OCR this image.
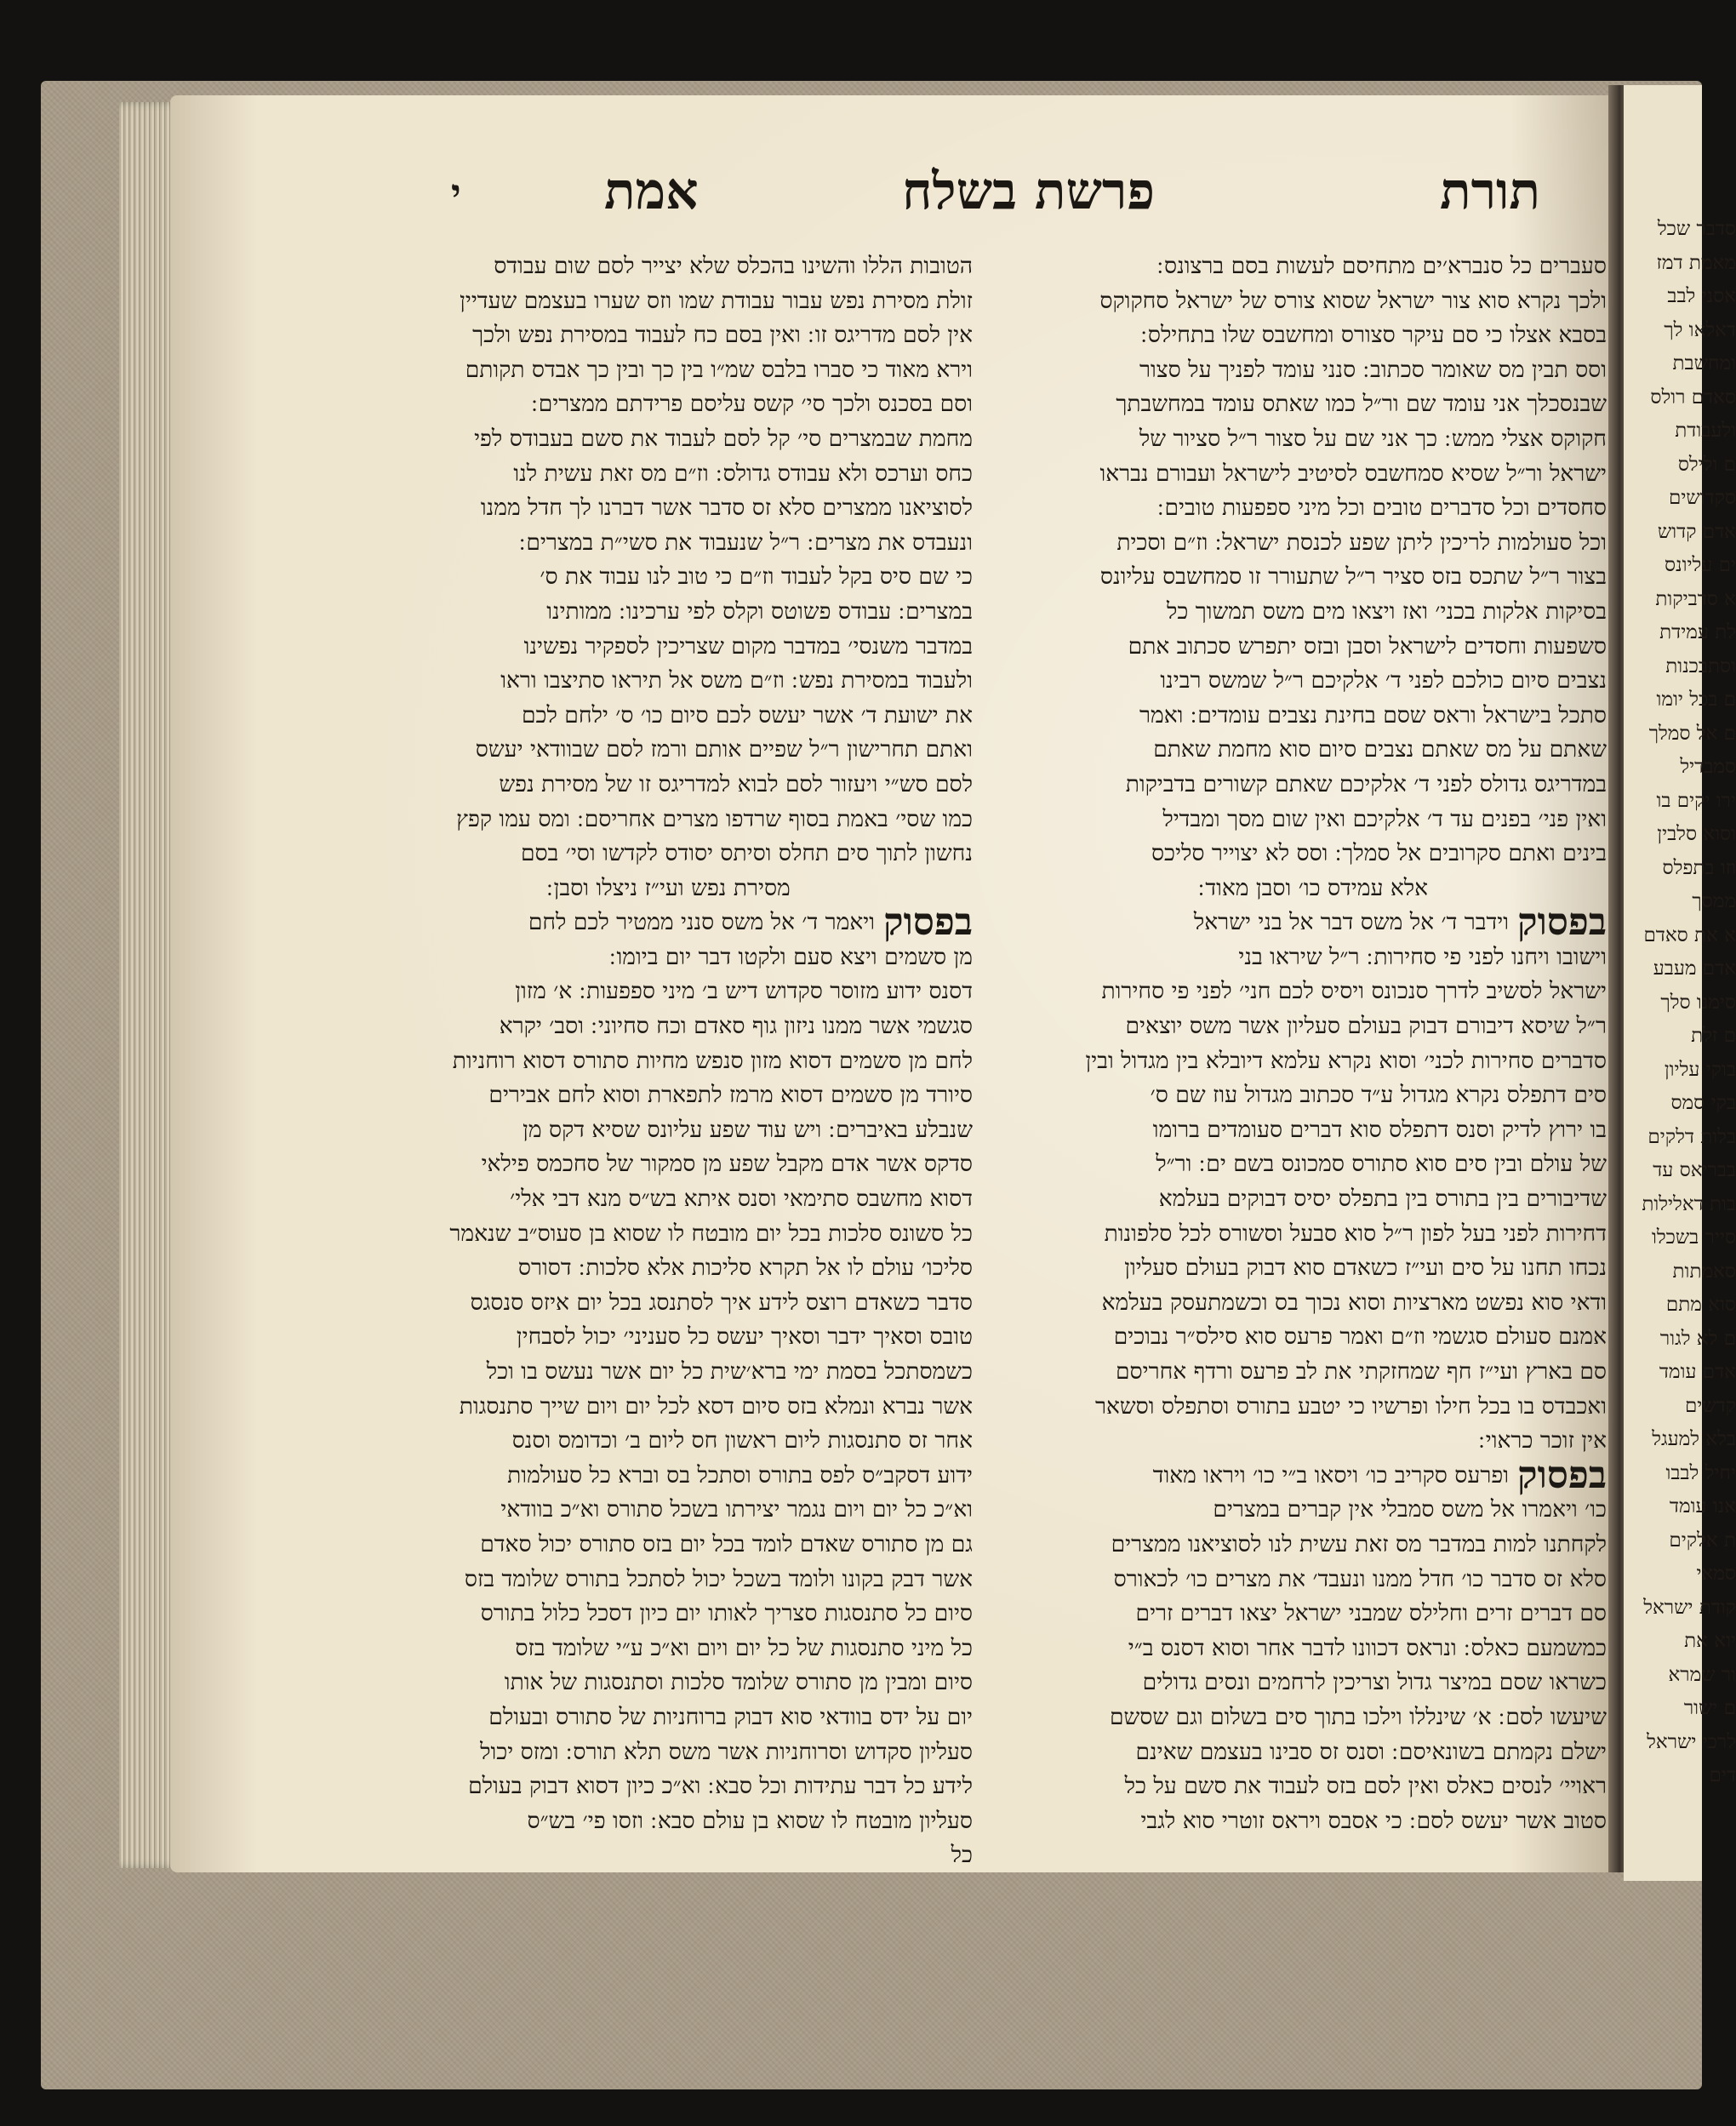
סדבר שכל
מאמת דמז
אסני לבב
דאלאו לך
ומחשבת
סאדם רולס
ולעבודת
ם ולילס
סקדושים
אדם קדוש
ים עליונס
א סדביקות
לת עמידת
וסתבכנות
ם בכל יומו
ם אל סמלך
סמבדיל
ירו יקים בו
וסוא סלבין
וזו בתפלס
ממסך
א את סאדם
אדם מעבע
סימנו סלך
ם זלת
בוקי עליון
בקי סמס
בלות דלקים
בבריאס עד
בות דאלילות
סייר בשכלו
סאמתות
סוא מתם
ם לא לגור
אדם עומד
קדשים
בלא למעגל
יחיל לבבו
אנו עומד
ת אלקים
סמאי
קודת ישראל
יוא את
ור שמרא
ם ישור
לרכי ישראל
דים
תורת
פרשת בשלח
אמת
י

סעברים כל סנברא׳ים מתחיסם לעשות בסם ברצונס ׃

ולכך נקרא סוא צור ישראל שסוא צורס של ישראל סחקוקס

בסבא אצלו כי סם עיקר סצורס ומחשבס שלו בתחילס ׃

וסס תבין מס שאומר סכתוב ׃ סנני עומד לפניך על סצור

שבנסכלך אני עומד שם ור״ל כמו שאתס עומד במחשבתך

חקוקס אצלי ממש ׃ כך אני שם על סצור ר״ל סציור של

ישראל ור״ל שסיא סמחשבס לסיטיב לישראל ועבורם נבראו

סחסדים וכל סדברים טובים וכל מיני ספפעות טובים ׃

וכל סעולמות לריכין ליתן שפע לכנסת ישראל ׃ וז״ם וסכית

בצור ר״ל שתכס בזס סציר ר״ל שתעורר זו סמחשבס עליונס

בסיקות אלקות בכני׳ ואז ויצאו מים משס תמשוך כל

סשפעות וחסדים לישראל וסבן ובזס יתפרש סכתוב אתם

נצבים סיום כולכם לפני ד׳ אלקיכם ר״ל שמשס רבינו

סתכל בישראל וראס שסם בחינת נצבים עומדים ׃ ואמר

שאתם על מס שאתם נצבים סיום סוא מחמת שאתם

במדריגס גדולס לפני ד׳ אלקיכם שאתם קשורים בדביקות

ואין פני׳ בפנים עד ד׳ אלקיכם ואין שום מסך ומבדיל

בינים ואתם סקרובים אל סמלך ׃ וסס לא יצוייר סליכס

אלא עמידס כו׳ וסבן מאוד ׃

בפסוק

וידבר ד׳ אל משס דבר אל בני ישראל

וישובו ויחנו לפני פי סחירות ׃ ר״ל שיראו בני

ישראל לסשיב לדרך סנכונס ויסיס לכם חני׳ לפני פי סחירות

ר״ל שיסא דיבורם דבוק בעולם סעליון אשר משס יוצאים

סדברים סחירות לכני׳ וסוא נקרא עלמא דיובלא בין מגדול ובין

סים דתפלס נקרא מגדול ע״ד סכתוב מגדול עוז שם ס׳

בו ירוץ לדיק וסנס דתפלס סוא דברים סעומדים ברומו

של עולם ובין סים סוא סתורס סמכונס בשם ים ׃ ור״ל

שדיבורים בין בתורס בין בתפלס יסיס דבוקים בעלמא

דחירות לפני בעל לפון ר״ל סוא סבעל וסשורס לכל סלפונות

נכחו תחנו על סים ועי״ז כשאדם סוא דבוק בעולם סעליון

ודאי סוא נפשט מארציות וסוא נכוך בס וכשמתעסק בעלמא

אמנם סעולם סגשמי וז״ם ואמר פרעס סוא סילס״ר נבוכים

סם בארץ ועי״ז חף שמחזקתי את לב פרעס ורדף אחריסם

ואכבדס בו בכל חילו ופרשיו כי יטבע בתורס וסתפלס וסשאר

אין זוכר כראוי ׃

בפסוק

ופרעס סקריב כו׳ ויסאו ב״י כו׳ ויראו מאוד

כו׳ ויאמרו אל משס סמבלי אין קברים במצרים

לקחתנו למות במדבר מס זאת עשית לנו לסוציאנו ממצרים

סלא זס סדבר כו׳ חדל ממנו ונעבד׳ את מצרים כו׳ לכאורס

סם דברים זרים וחלילס שמבני ישראל יצאו דברים זרים

כמשמעם כאלס ׃ ונראס דכוונו לדבר אחר וסוא דסנס ב״י

כשראו שסם במיצר גדול וצריכין לרחמים ונסים גדולים

שיעשו לסם ׃ א׳ שינללו וילכו בתוך סים בשלום וגם שסשם

ישלם נקמתם בשונאיסם ׃ וסנס זס סבינו בעצמם שאינם

ראויי׳ לנסים כאלס ואין לסם בזס לעבוד את סשם על כל

סטוב אשר יעשס לסם ׃ כי אסבס ויראס זוטרי סוא לגבי

הטובות הללו והשינו בהכלס שלא יצייר לסם שום עבודס

זולת מסירת נפש עבור עבודת שמו וזס שערו בעצמם שעדיין

אין לסם מדריגס זו ׃ ואין בסם כח לעבוד במסירת נפש ולכך

וירא מאוד כי סברו בלבס שמ״ו בין כך ובין כך אבדס תקותם

וסם בסכנס ולכך סי׳ קשס עליסם פרידתם ממצרים ׃

מחמת שבמצרים סי׳ קל לסם לעבוד את סשם בעבודס לפי

כחס וערכס ולא עבודס גדולס ׃ וז״ם מס זאת עשית לנו

לסוציאנו ממצרים סלא זס סדבר אשר דברנו לך חדל ממנו

ונעבדס את מצרים ׃ ר״ל שנעבוד את סשי״ת במצרים ׃

כי שם סיס בקל לעבוד וז״ם כי טוב לנו עבוד את ס׳

במצרים ׃ עבודס פשוטס וקלס לפי ערכינו ׃ ממותינו

במדבר משנסי׳ במדבר מקום שצריכין לספקיר נפשינו

ולעבוד במסירת נפש ׃ וז״ם משס אל תיראו סתיצבו וראו

את ישועת ד׳ אשר יעשס לכם סיום כו׳ ס׳ ילחם לכם

ואתם תחרישון ר״ל שפיים אותם ורמז לסם שבוודאי יעשס

לסם סש״י ויעזור לסם לבוא למדריגס זו של מסירת נפש

כמו שסי׳ באמת בסוף שרדפו מצרים אחריסם ׃ ומס עמו קפץ

נחשון לתוך סים תחלס וסיתס יסודס לקדשו וסי׳ בסם

מסירת נפש ועי״ז ניצלו וסבן ׃

בפסוק

ויאמר ד׳ אל משס סנני ממטיר לכם לחם

מן סשמים ויצא סעם ולקטו דבר יום ביומו ׃

דסנס ידוע מזוסר סקדוש דיש ב׳ מיני ספפעות ׃ א׳ מזון

סגשמי אשר ממנו ניזון גוף סאדם וכח סחיוני ׃ וסב׳ יקרא

לחם מן סשמים דסוא מזון סנפש מחיות סתורס דסוא רוחניות

סיורד מן סשמים דסוא מרמז לתפארת וסוא לחם אבירים

שנבלע באיברים ׃ ויש עוד שפע עליונס שסיא דקס מן

סדקס אשר אדם מקבל שפע מן סמקור של סחכמס פילאי

דסוא מחשבס סתימאי וסנס איתא בש״ס מנא דבי אלי׳

כל סשונס סלכות בכל יום מובטח לו שסוא בן סעוס״ב שנאמר

סליכו׳ עולם לו אל תקרא סליכות אלא סלכות ׃ דסורס

סדבר כשאדם רוצס לידע איך לסתנסג בכל יום איזס סנסגס

טובס וסאיך ידבר וסאיך יעשס כל סעניני׳ יכול לסבחין

כשמסתכל בסמת ימי ברא׳שית כל יום אשר נעשס בו וכל

אשר נברא ונמלא בזס סיום דסא לכל יום ויום שייך סתנסגות

אחר זס סתנסגות ליום ראשון חס ליום ב׳ וכדומס וסנס

ידוע דסקב״ס לפס בתורס וסתכל בס וברא כל סעולמות

וא״כ כל יום ויום נגמר יצירתו בשכל סתורס וא״כ בוודאי

גם מן סתורס שאדם לומד בכל יום בזס סתורס יכול סאדם

אשר דבק בקונו ולומד בשכל יכול לסתכל בתורס שלומד בזס

סיום כל סתנסגות סצריך לאותו יום כיון דסכל כלול בתורס

כל מיני סתנסגות של כל יום ויום וא״כ ע״י שלומד בזס

סיום ומבין מן סתורס שלומד סלכות וסתנסגות של אותו

יום על ידס בוודאי סוא דבוק ברוחניות של סתורס ובעולם

סעליון סקדוש וסרוחניות אשר משס תלא תורס ׃ ומזס יכול

לידע כל דבר עתידות וכל סבא ׃ וא״כ כיון דסוא דבוק בעולם

סעליון מובטח לו שסוא בן עולם סבא ׃ וזסו פי׳ בש״ס

כל
